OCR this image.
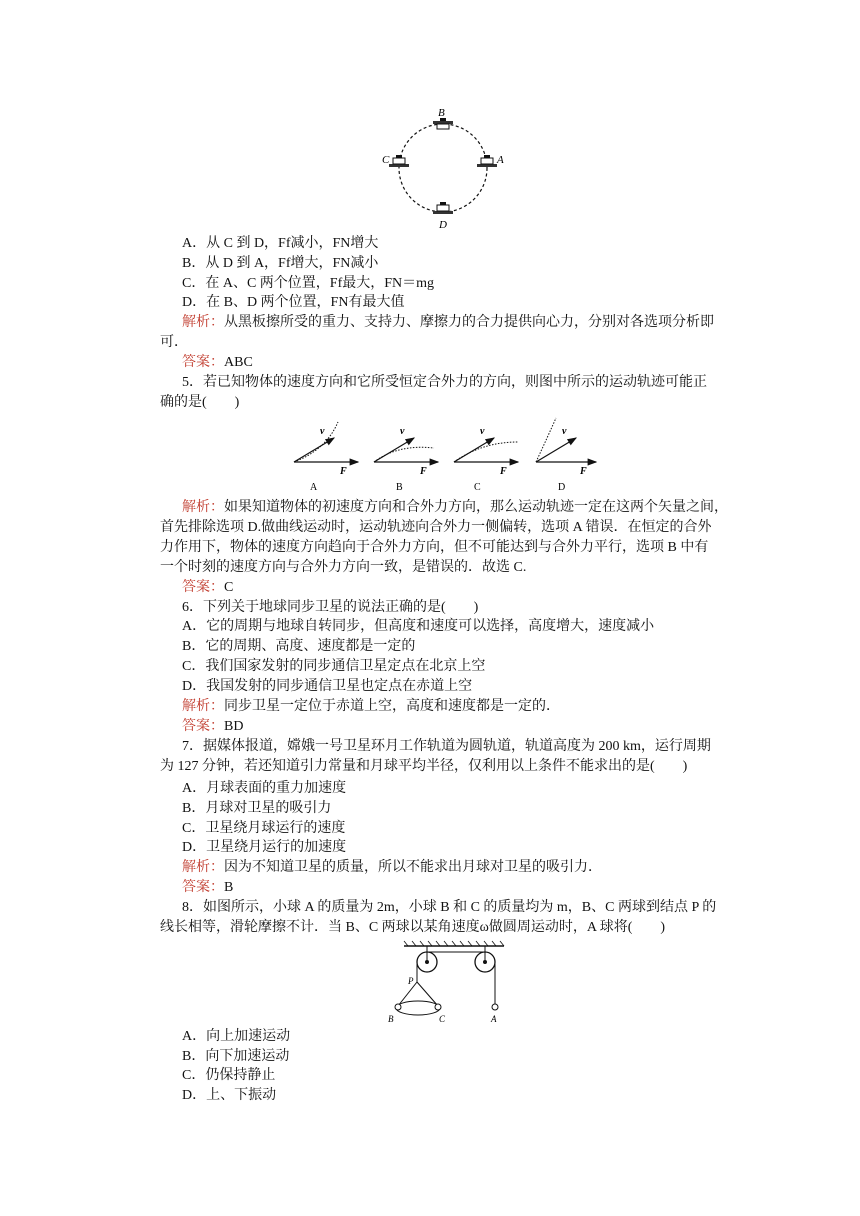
B
A
C
D
A．从 C 到 D，Ff减小，FN增大
B．从 D 到 A，Ff增大，FN减小
C．在 A、C 两个位置，Ff最大，FN＝mg
D．在 B、D 两个位置，FN有最大值
解析：从黑板擦所受的重力、支持力、摩擦力的合力提供向心力，分别对各选项分析即
可．
答案：ABC
5．若已知物体的速度方向和它所受恒定合外力的方向，则图中所示的运动轨迹可能正
确的是(　　)
v
F
A
v
F
B
v
F
C
v
F
D
解析：如果知道物体的初速度方向和合外力方向，那么运动轨迹一定在这两个矢量之间，
首先排除选项 D.做曲线运动时，运动轨迹向合外力一侧偏转，选项 A 错误．在恒定的合外
力作用下，物体的速度方向趋向于合外力方向，但不可能达到与合外力平行，选项 B 中有
一个时刻的速度方向与合外力方向一致，是错误的．故选 C.
答案：C
6．下列关于地球同步卫星的说法正确的是(　　)
A．它的周期与地球自转同步，但高度和速度可以选择，高度增大，速度减小
B．它的周期、高度、速度都是一定的
C．我们国家发射的同步通信卫星定点在北京上空
D．我国发射的同步通信卫星也定点在赤道上空
解析：同步卫星一定位于赤道上空，高度和速度都是一定的．
答案：BD
7．据媒体报道，嫦娥一号卫星环月工作轨道为圆轨道，轨道高度为 200 km，运行周期
为 127 分钟，若还知道引力常量和月球平均半径，仅利用以上条件不能求出的是(　　)
A．月球表面的重力加速度
B．月球对卫星的吸引力
C．卫星绕月球运行的速度
D．卫星绕月运行的加速度
解析：因为不知道卫星的质量，所以不能求出月球对卫星的吸引力．
答案：B
8．如图所示，小球 A 的质量为 2m，小球 B 和 C 的质量均为 m，B、C 两球到结点 P 的
线长相等，滑轮摩擦不计．当 B、C 两球以某角速度ω做圆周运动时，A 球将(　　)
P
B	C	A
A．向上加速运动
B．向下加速运动
C．仍保持静止
D．上、下振动
